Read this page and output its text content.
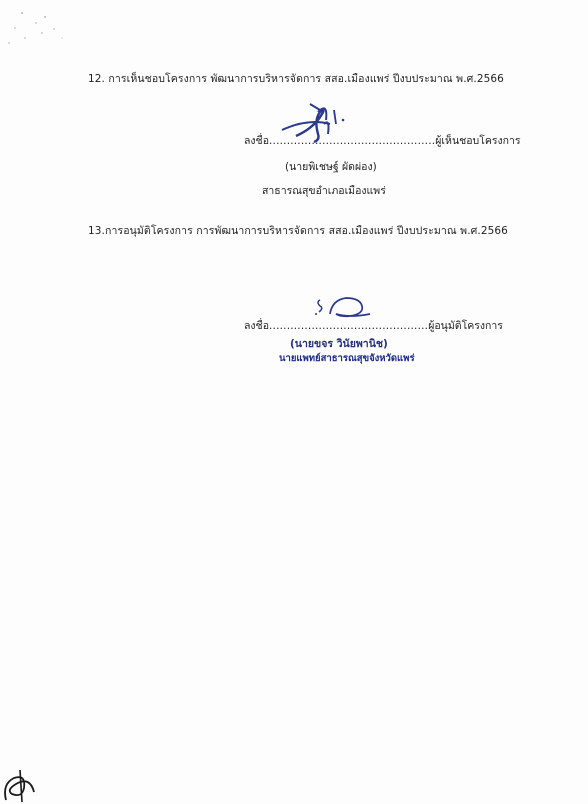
12. การเห็นชอบโครงการ พัฒนาการบริหารจัดการ สสอ.เมืองแพร่ ปีงบประมาณ พ.ศ.2566
ลงชื่อ...............................................ผู้เห็นชอบโครงการ
(นายพิเชษฐ์ ผัดผ่อง)
สาธารณสุขอำเภอเมืองแพร่
13.การอนุมัติโครงการ การพัฒนาการบริหารจัดการ สสอ.เมืองแพร่ ปีงบประมาณ พ.ศ.2566
ลงชื่อ.............................................ผู้อนุมัติโครงการ
(นายขจร วินัยพานิช)
นายแพทย์สาธารณสุขจังหวัดแพร่
